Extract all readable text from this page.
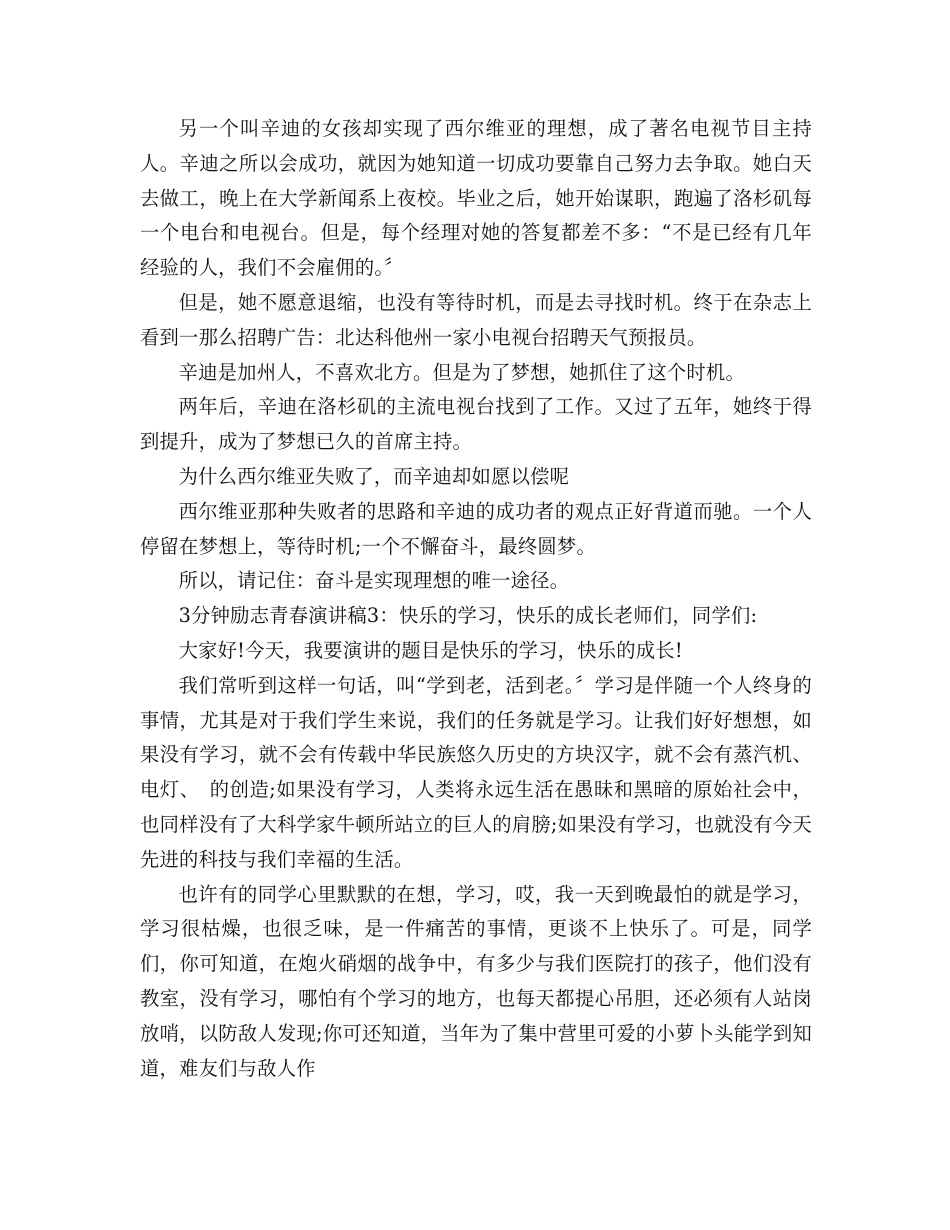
另一个叫辛迪的女孩却实现了西尔维亚的理想，成了著名电视节目主持人。辛迪之所以会成功，就因为她知道一切成功要靠自己努力去争取。她白天去做工，晚上在大学新闻系上夜校。毕业之后，她开始谋职，跑遍了洛杉矶每一个电台和电视台。但是，每个经理对她的答复都差不多：“不是已经有几年经验的人，我们不会雇佣的。〞

但是，她不愿意退缩，也没有等待时机，而是去寻找时机。终于在杂志上看到一那么招聘广告：北达科他州一家小电视台招聘天气预报员。

辛迪是加州人，不喜欢北方。但是为了梦想，她抓住了这个时机。

两年后，辛迪在洛杉矶的主流电视台找到了工作。又过了五年，她终于得到提升，成为了梦想已久的首席主持。

为什么西尔维亚失败了，而辛迪却如愿以偿呢

西尔维亚那种失败者的思路和辛迪的成功者的观点正好背道而驰。一个人停留在梦想上，等待时机;一个不懈奋斗，最终圆梦。

所以，请记住：奋斗是实现理想的唯一途径。

3分钟励志青春演讲稿3：快乐的学习，快乐的成长老师们，同学们:

大家好!今天，我要演讲的题目是快乐的学习，快乐的成长!

我们常听到这样一句话，叫“学到老，活到老。〞学习是伴随一个人终身的事情，尤其是对于我们学生来说，我们的任务就是学习。让我们好好想想，如果没有学习，就不会有传载中华民族悠久历史的方块汉字，就不会有蒸汽机、电灯、　的创造;如果没有学习，人类将永远生活在愚昧和黑暗的原始社会中，也同样没有了大科学家牛顿所站立的巨人的肩膀;如果没有学习，也就没有今天先进的科技与我们幸福的生活。

也许有的同学心里默默的在想，学习，哎，我一天到晚最怕的就是学习，学习很枯燥，也很乏味，是一件痛苦的事情，更谈不上快乐了。可是，同学们，你可知道，在炮火硝烟的战争中，有多少与我们医院打的孩子，他们没有教室，没有学习，哪怕有个学习的地方，也每天都提心吊胆，还必须有人站岗放哨，以防敌人发现;你可还知道，当年为了集中营里可爱的小萝卜头能学到知道，难友们与敌人作
